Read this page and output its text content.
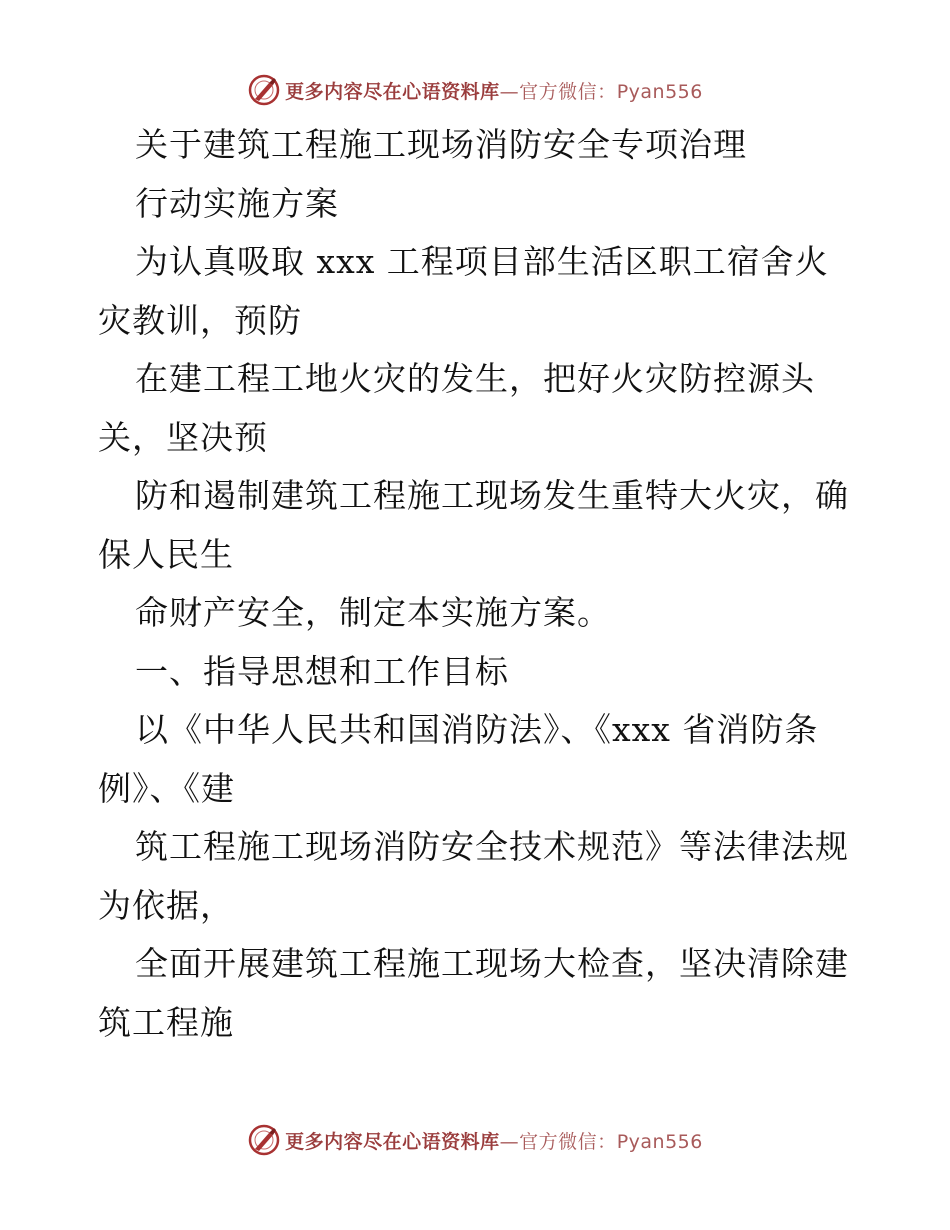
更多内容尽在心语资料库—官方微信：Pyan556
关于建筑工程施工现场消防安全专项治理
行动实施方案
为认真吸取 xxx 工程项目部生活区职工宿舍火
灾教训，预防
在建工程工地火灾的发生，把好火灾防控源头
关，坚决预
防和遏制建筑工程施工现场发生重特大火灾，确
保人民生
命财产安全，制定本实施方案。
一、指导思想和工作目标
以《中华人民共和国消防法》、《xxx 省消防条
例》、《建
筑工程施工现场消防安全技术规范》等法律法规
为依据，
全面开展建筑工程施工现场大检查，坚决清除建
筑工程施
更多内容尽在心语资料库—官方微信：Pyan556
